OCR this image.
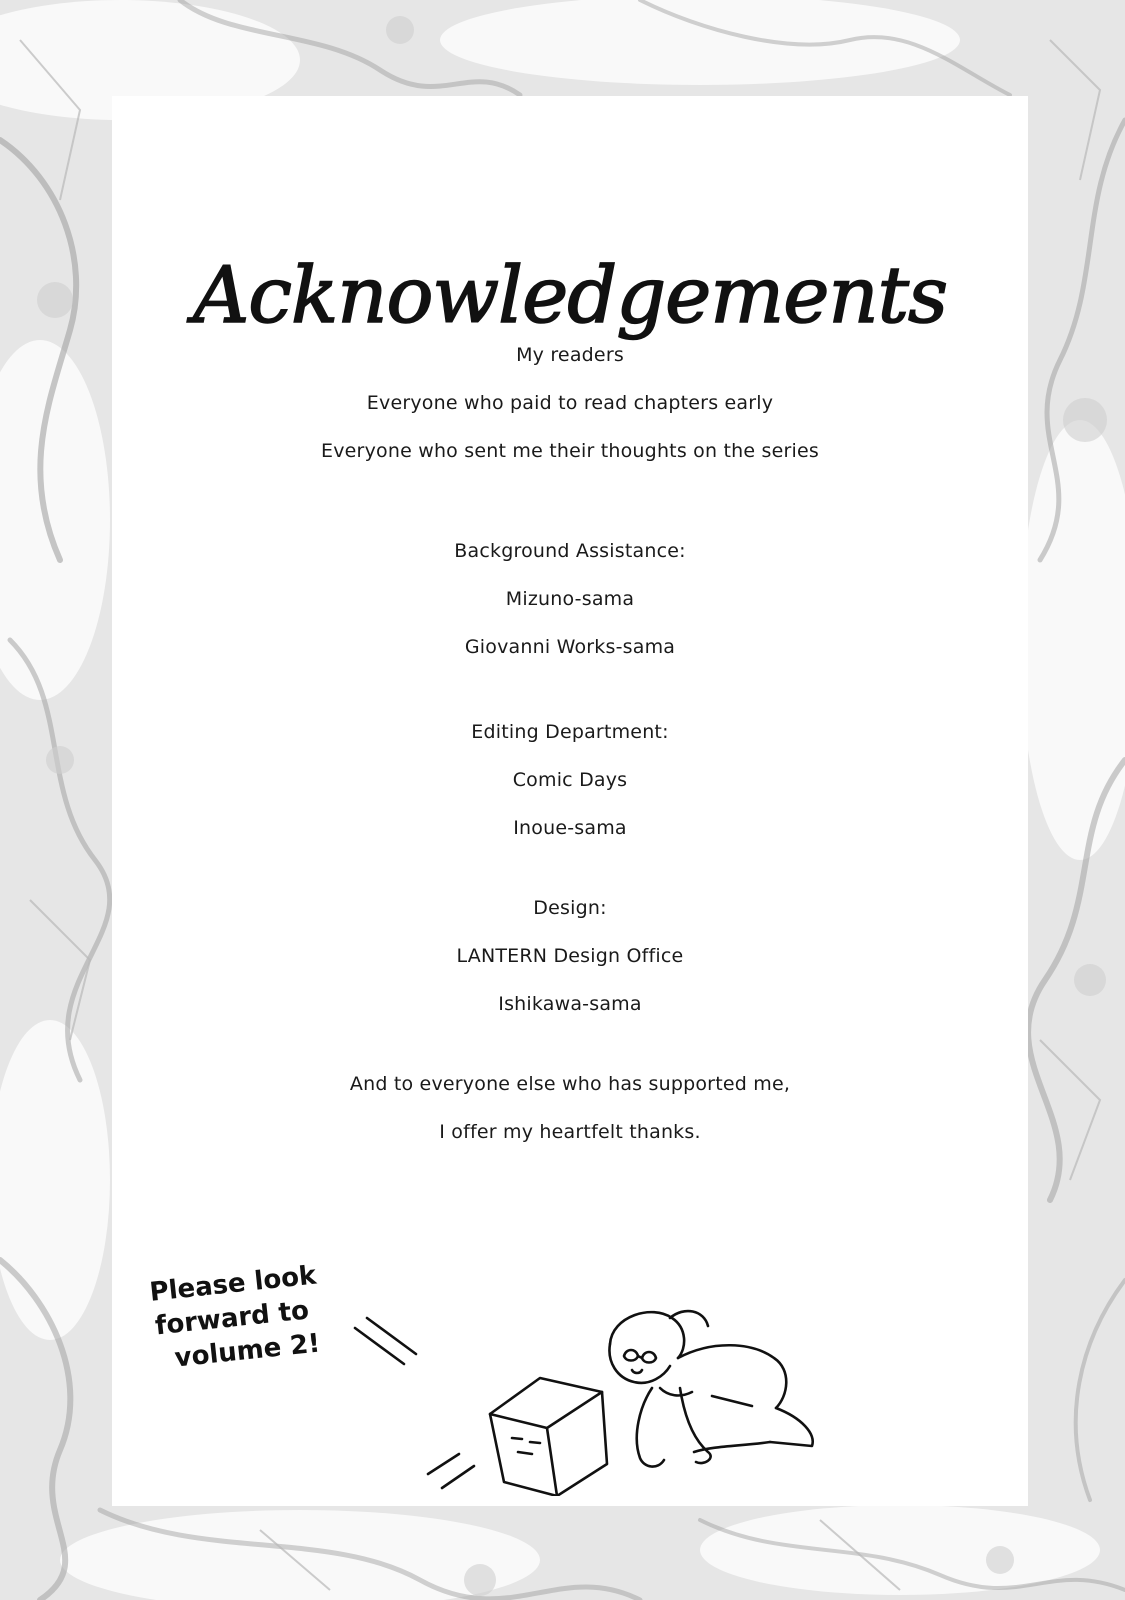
Acknowledgements
My readers
Everyone who paid to read chapters early
Everyone who sent me their thoughts on the series
Background Assistance:
Mizuno-sama
Giovanni Works-sama
Editing Department:
Comic Days
Inoue-sama
Design:
LANTERN Design Office
Ishikawa-sama
And to everyone else who has supported me,
I offer my heartfelt thanks.
Please look
forward to
volume 2!
